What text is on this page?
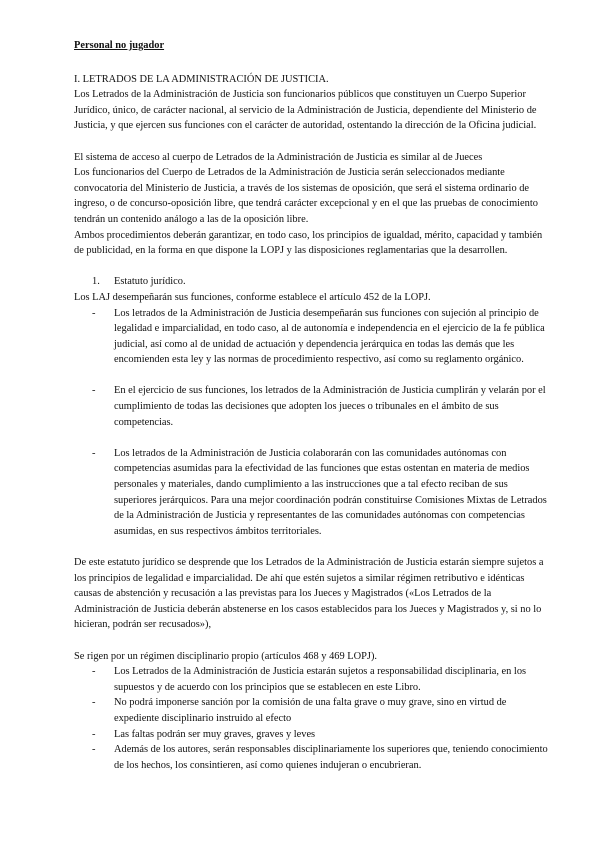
Personal no jugador

I. LETRADOS DE LA ADMINISTRACIÓN DE JUSTICIA.

Los Letrados de la Administración de Justicia son funcionarios públicos que constituyen un Cuerpo Superior Jurídico, único, de carácter nacional, al servicio de la Administración de Justicia, dependiente del Ministerio de Justicia, y que ejercen sus funciones con el carácter de autoridad, ostentando la dirección de la Oficina judicial.

El sistema de acceso al cuerpo de Letrados de la Administración de Justicia es similar al de Jueces

Los funcionarios del Cuerpo de Letrados de la Administración de Justicia serán seleccionados mediante convocatoria del Ministerio de Justicia, a través de los sistemas de oposición, que será el sistema ordinario de ingreso, o de concurso-oposición libre, que tendrá carácter excepcional y en el que las pruebas de conocimiento tendrán un contenido análogo a las de la oposición libre.

Ambos procedimientos deberán garantizar, en todo caso, los principios de igualdad, mérito, capacidad y también de publicidad, en la forma en que dispone la LOPJ y las disposiciones reglamentarias que la desarrollen.

1.	Estatuto jurídico.

Los LAJ desempeñarán sus funciones, conforme establece el artículo 452 de la LOPJ.

-	Los letrados de la Administración de Justicia desempeñarán sus funciones con sujeción al principio de legalidad e imparcialidad, en todo caso, al de autonomía e independencia en el ejercicio de la fe pública judicial, así como al de unidad de actuación y dependencia jerárquica en todas las demás que les encomienden esta ley y las normas de procedimiento respectivo, así como su reglamento orgánico.
-	En el ejercicio de sus funciones, los letrados de la Administración de Justicia cumplirán y velarán por el cumplimiento de todas las decisiones que adopten los jueces o tribunales en el ámbito de sus competencias.
-	Los letrados de la Administración de Justicia colaborarán con las comunidades autónomas con competencias asumidas para la efectividad de las funciones que estas ostentan en materia de medios personales y materiales, dando cumplimiento a las instrucciones que a tal efecto reciban de sus superiores jerárquicos. Para una mejor coordinación podrán constituirse Comisiones Mixtas de Letrados de la Administración de Justicia y representantes de las comunidades autónomas con competencias asumidas, en sus respectivos ámbitos territoriales.

De este estatuto jurídico se desprende que los Letrados de la Administración de Justicia estarán siempre sujetos a los principios de legalidad e imparcialidad. De ahí que estén sujetos a similar régimen retributivo e idénticas causas de abstención y recusación a las previstas para los Jueces y Magistrados («Los Letrados de la Administración de Justicia deberán abstenerse en los casos establecidos para los Jueces y Magistrados y, si no lo hicieran, podrán ser recusados»),

Se rigen por un régimen disciplinario propio (artículos 468 y 469 LOPJ).

-	Los Letrados de la Administración de Justicia estarán sujetos a responsabilidad disciplinaria, en los supuestos y de acuerdo con los principios que se establecen en este Libro.
-	No podrá imponerse sanción por la comisión de una falta grave o muy grave, sino en virtud de expediente disciplinario instruido al efecto
-	Las faltas podrán ser muy graves, graves y leves
-	Además de los autores, serán responsables disciplinariamente los superiores que, teniendo conocimiento de los hechos, los consintieren, así como quienes indujeran o encubrieran.
